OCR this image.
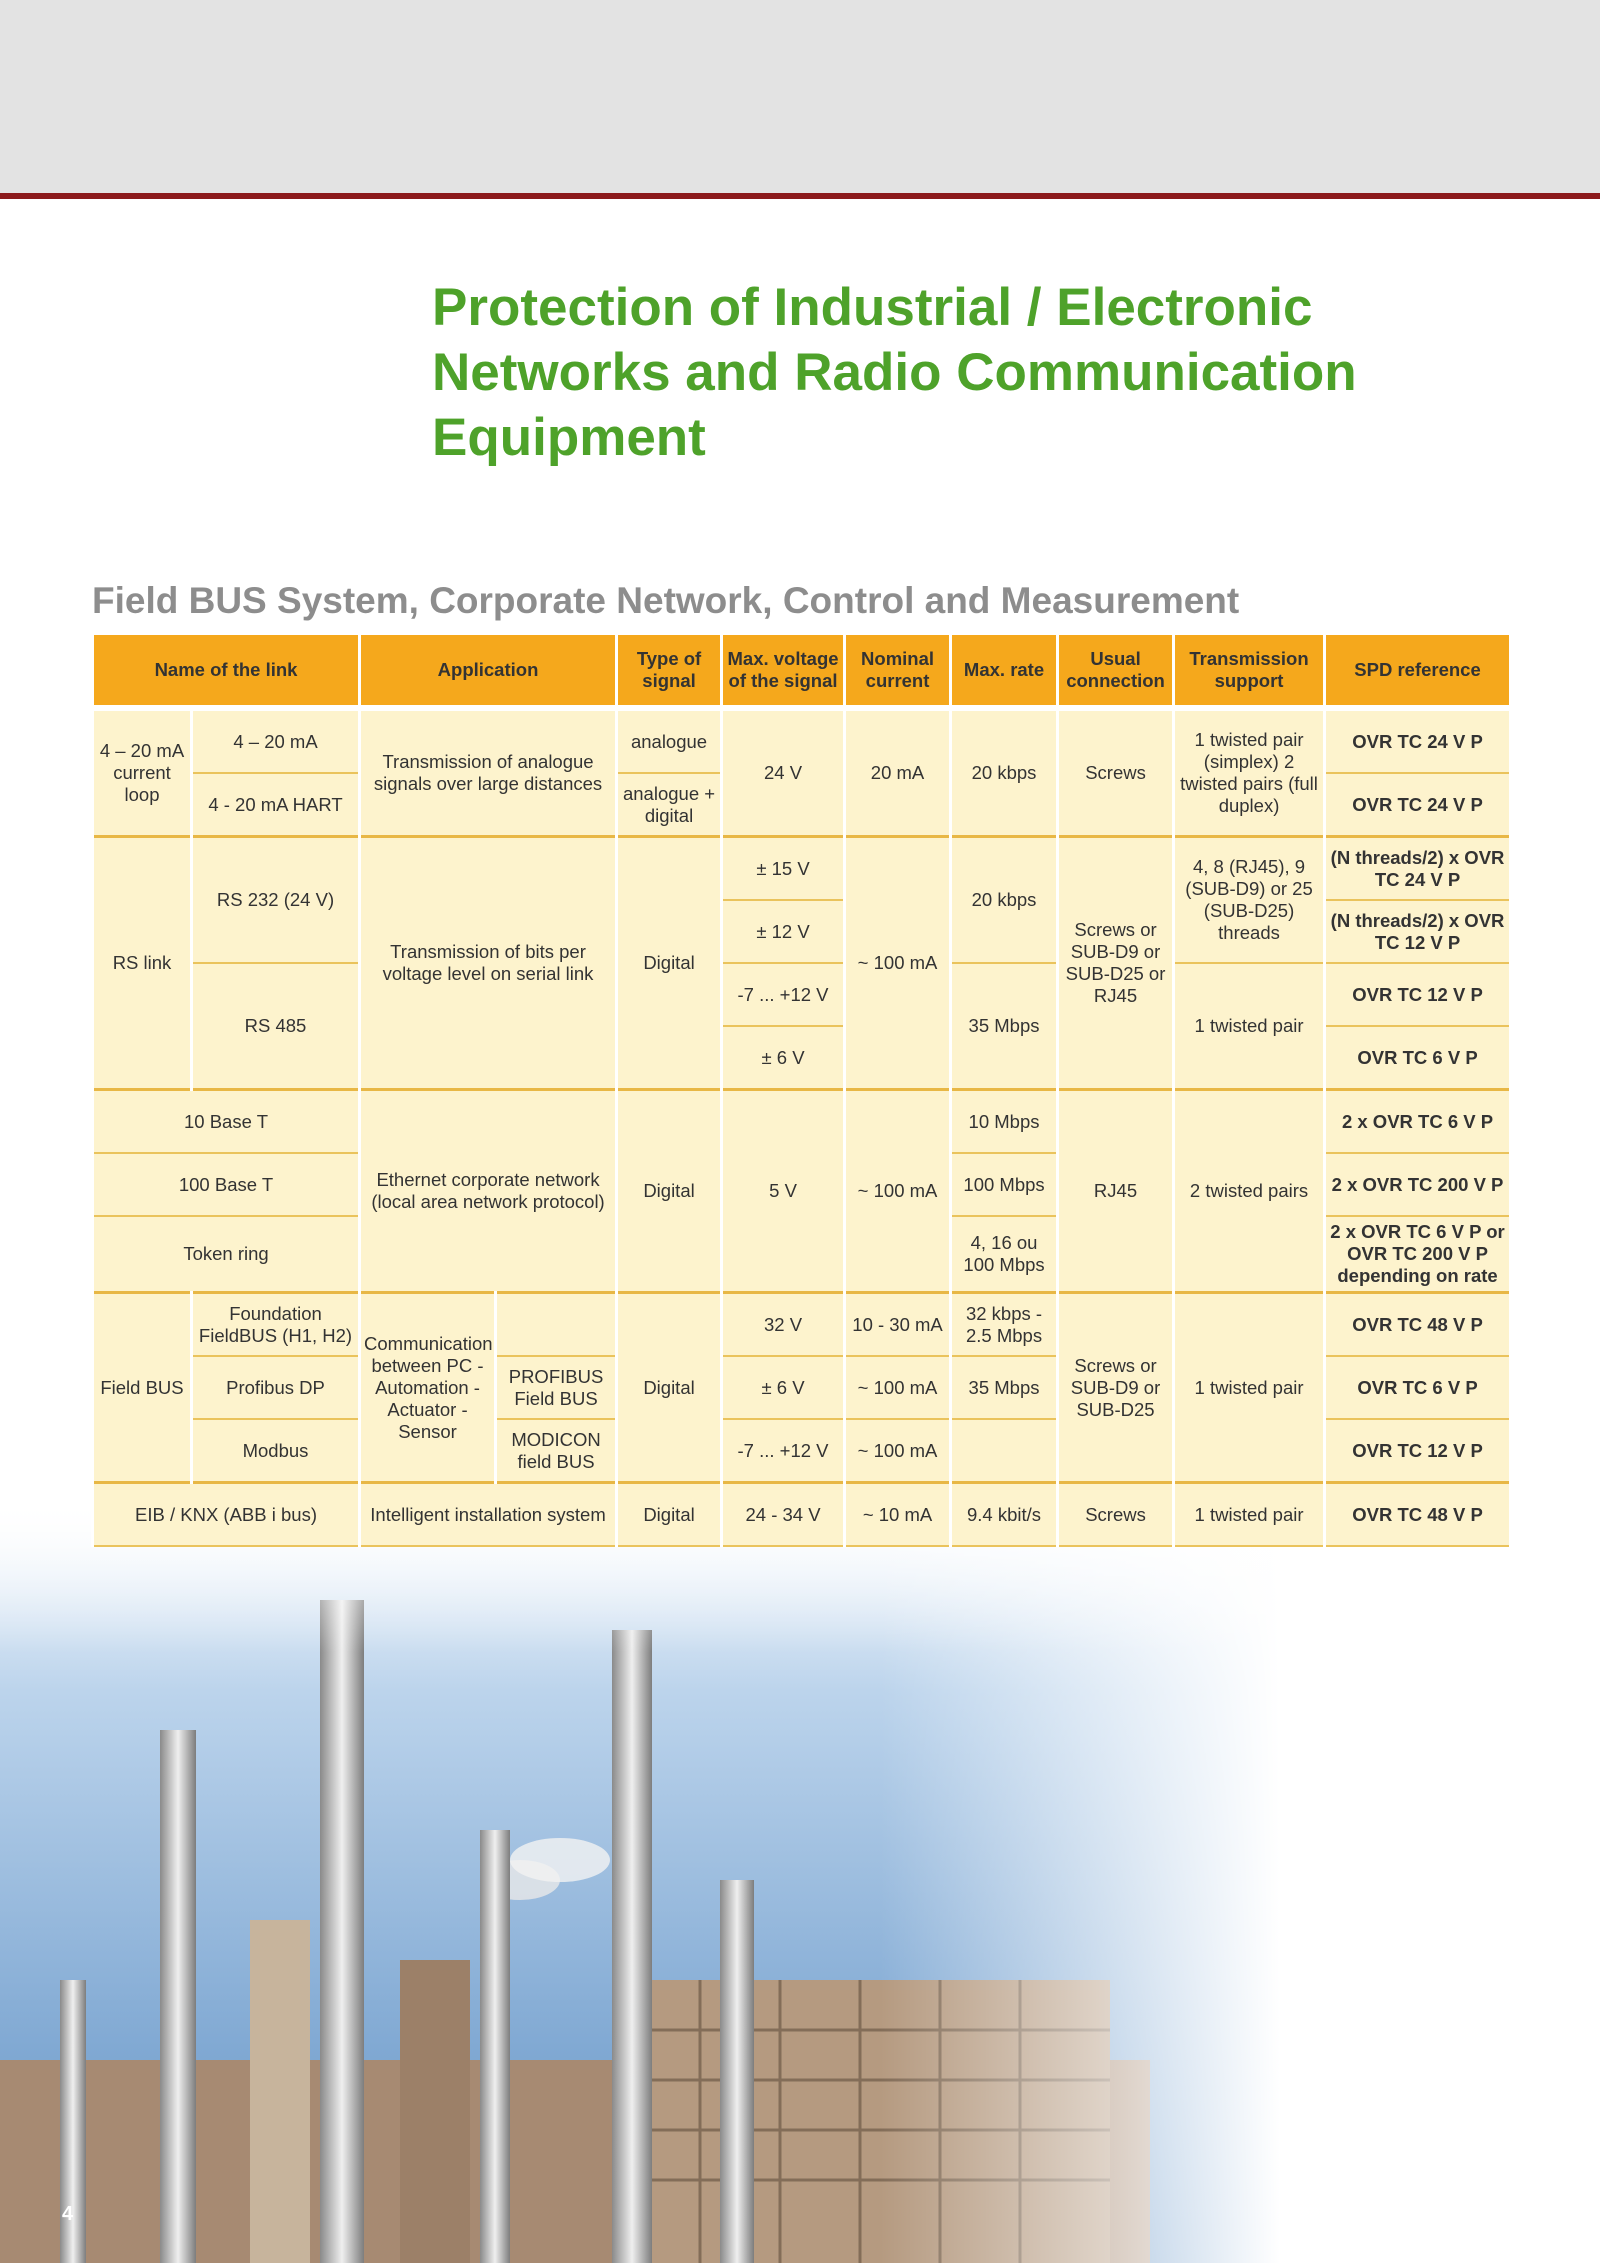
Protection of Industrial / Electronic
Networks and Radio Communication
Equipment
Field BUS System, Corporate Network, Control and Measurement
Name of the link		Application		Type of signal	Max. voltage of the signal	Nominal current	Max. rate	Usual connection	Transmission support	SPD reference

4 – 20 mA current loop	4 – 20 mA	Transmission of analogue signals over large distances		analogue	24 V	20 mA	20 kbps	Screws	1 twisted pair (simplex) 2 twisted pairs (full duplex)	OVR TC 24 V P
	4 - 20 mA HART			analogue + digital						OVR TC 24 V P
RS link	RS 232 (24 V)	Transmission of bits per voltage level on serial link		Digital	± 15 V	~ 100 mA	20 kbps	Screws or SUB-D9 or SUB-D25 or RJ45	4, 8 (RJ45), 9 (SUB-D9) or 25 (SUB-D25) threads	(N threads/2) x OVR TC 24 V P
					± 12 V					(N threads/2) x OVR TC 12 V P
	RS 485				-7 ... +12 V		35 Mbps		1 twisted pair	OVR TC 12 V P
					± 6 V					OVR TC 6 V P
10 Base T		Ethernet corporate network (local area network protocol)		Digital	5 V	~ 100 mA	10 Mbps	RJ45	2 twisted pairs	2 x OVR TC 6 V P
100 Base T							100 Mbps			2 x OVR TC 200 V P
Token ring							4, 16 ou 100 Mbps			2 x OVR TC 6 V P or OVR TC 200 V P depending on rate
Field BUS	Foundation FieldBUS (H1, H2)	Communication between PC - Automation - Actuator - Sensor		Digital	32 V	10 - 30 mA	32 kbps - 2.5 Mbps	Screws or SUB-D9 or SUB-D25	1 twisted pair	OVR TC 48 V P
	Profibus DP		PROFIBUS Field BUS		± 6 V	~ 100 mA	35 Mbps			OVR TC 6 V P
	Modbus		MODICON field BUS		-7 ... +12 V	~ 100 mA				OVR TC 12 V P
EIB / KNX (ABB i bus)		Intelligent installation system		Digital	24 - 34 V	~ 10 mA	9.4 kbit/s	Screws	1 twisted pair	OVR TC 48 V P
4
